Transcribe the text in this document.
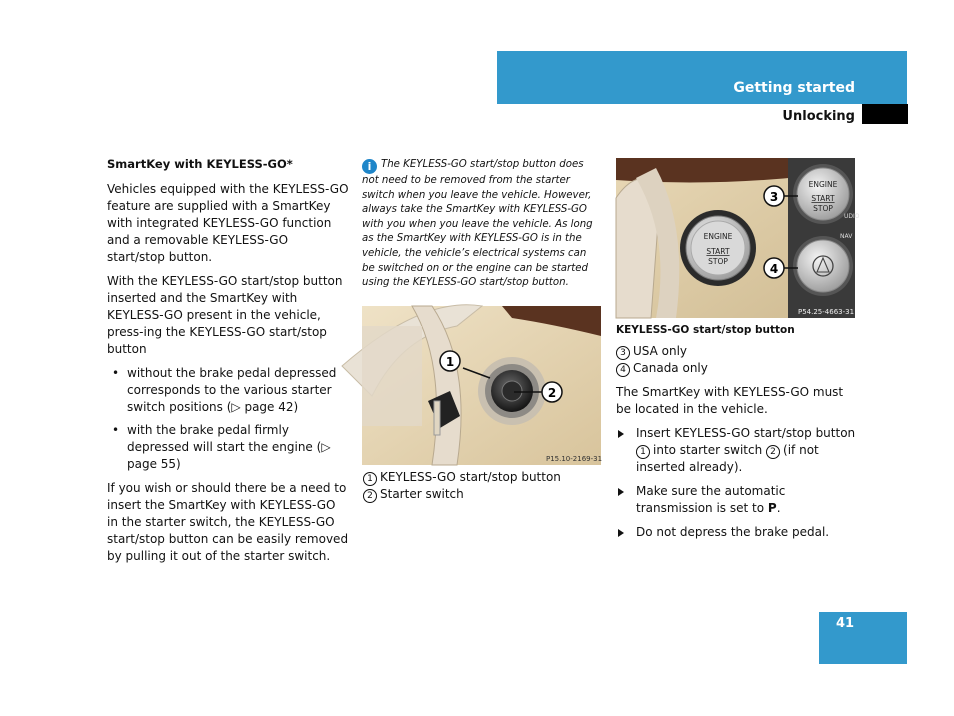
Getting started
Unlocking
SmartKey with KEYLESS-GO*

Vehicles equipped with the KEYLESS-GO feature are supplied with a SmartKey with integrated KEYLESS-GO function and a removable KEYLESS-GO start/stop button.

With the KEYLESS-GO start/stop button inserted and the SmartKey with KEYLESS-GO present in the vehicle, press-ing the KEYLESS-GO start/stop button

• without the brake pedal depressed corresponds to the various starter switch positions (▷ page 42)
• with the brake pedal firmly depressed will start the engine (▷ page 55)

If you wish or should there be a need to insert the SmartKey with KEYLESS-GO in the starter switch, the KEYLESS-GO start/stop button can be easily removed by pulling it out of the starter switch.

i The KEYLESS-GO start/stop button does not need to be removed from the starter switch when you leave the vehicle. However, always take the SmartKey with KEYLESS-GO with you when you leave the vehicle. As long as the SmartKey with KEYLESS-GO is in the vehicle, the vehicle’s electrical systems can be switched on or the engine can be started using the KEYLESS-GO start/stop button.
1
2
P15.10-2169-31
1 KEYLESS-GO start/stop button
2 Starter switch
ENGINE
START
STOP
ENGINE
START
STOP
UDIO
NAV
3
4
P54.25-4663-31
KEYLESS-GO start/stop button
3 USA only
4 Canada only

The SmartKey with KEYLESS-GO must be located in the vehicle.

Insert KEYLESS-GO start/stop button 1 into starter switch 2 (if not inserted already).
Make sure the automatic transmission is set to P.
Do not depress the brake pedal.
41
